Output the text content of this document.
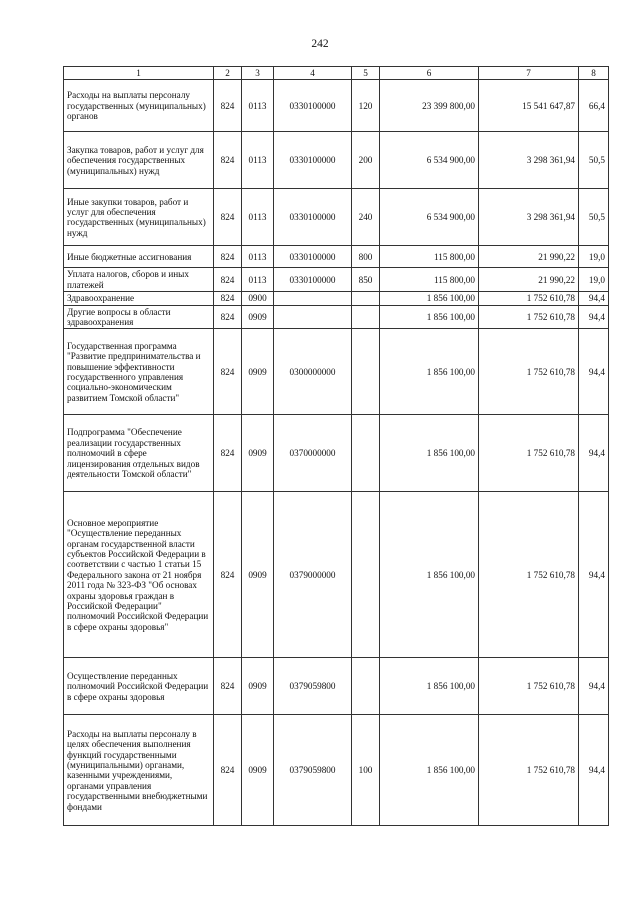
242
1	2	3	4	5	6	7	8
Расходы на выплаты персоналу государственных (муниципальных) органов	824	0113	0330100000	120	23 399 800,00	15 541 647,87	66,4
Закупка товаров, работ и услуг для обеспечения государственных (муниципальных) нужд	824	0113	0330100000	200	6 534 900,00	3 298 361,94	50,5
Иные закупки товаров, работ и услуг для обеспечения государственных (муниципальных) нужд	824	0113	0330100000	240	6 534 900,00	3 298 361,94	50,5
Иные бюджетные ассигнования	824	0113	0330100000	800	115 800,00	21 990,22	19,0
Уплата налогов, сборов и иных платежей	824	0113	0330100000	850	115 800,00	21 990,22	19,0
Здравоохранение	824	0900			1 856 100,00	1 752 610,78	94,4
Другие вопросы в области здравоохранения	824	0909			1 856 100,00	1 752 610,78	94,4
Государственная программа "Развитие предпринимательства и повышение эффективности государственного управления социально-экономическим развитием Томской области"	824	0909	0300000000		1 856 100,00	1 752 610,78	94,4
Подпрограмма "Обеспечение реализации государственных полномочий в сфере лицензирования отдельных видов деятельности Томской области"	824	0909	0370000000		1 856 100,00	1 752 610,78	94,4
Основное мероприятие "Осуществление переданных органам государственной власти субъектов Российской Федерации в соответствии с частью 1 статьи 15 Федерального закона от 21 ноября 2011 года № 323-ФЗ "Об основах охраны здоровья граждан в Российской Федерации" полномочий Российской Федерации в сфере охраны здоровья"	824	0909	0379000000		1 856 100,00	1 752 610,78	94,4
Осуществление переданных полномочий Российской Федерации в сфере охраны здоровья	824	0909	0379059800		1 856 100,00	1 752 610,78	94,4
Расходы на выплаты персоналу в целях обеспечения выполнения функций государственными (муниципальными) органами, казенными учреждениями, органами управления государственными внебюджетными фондами	824	0909	0379059800	100	1 856 100,00	1 752 610,78	94,4
